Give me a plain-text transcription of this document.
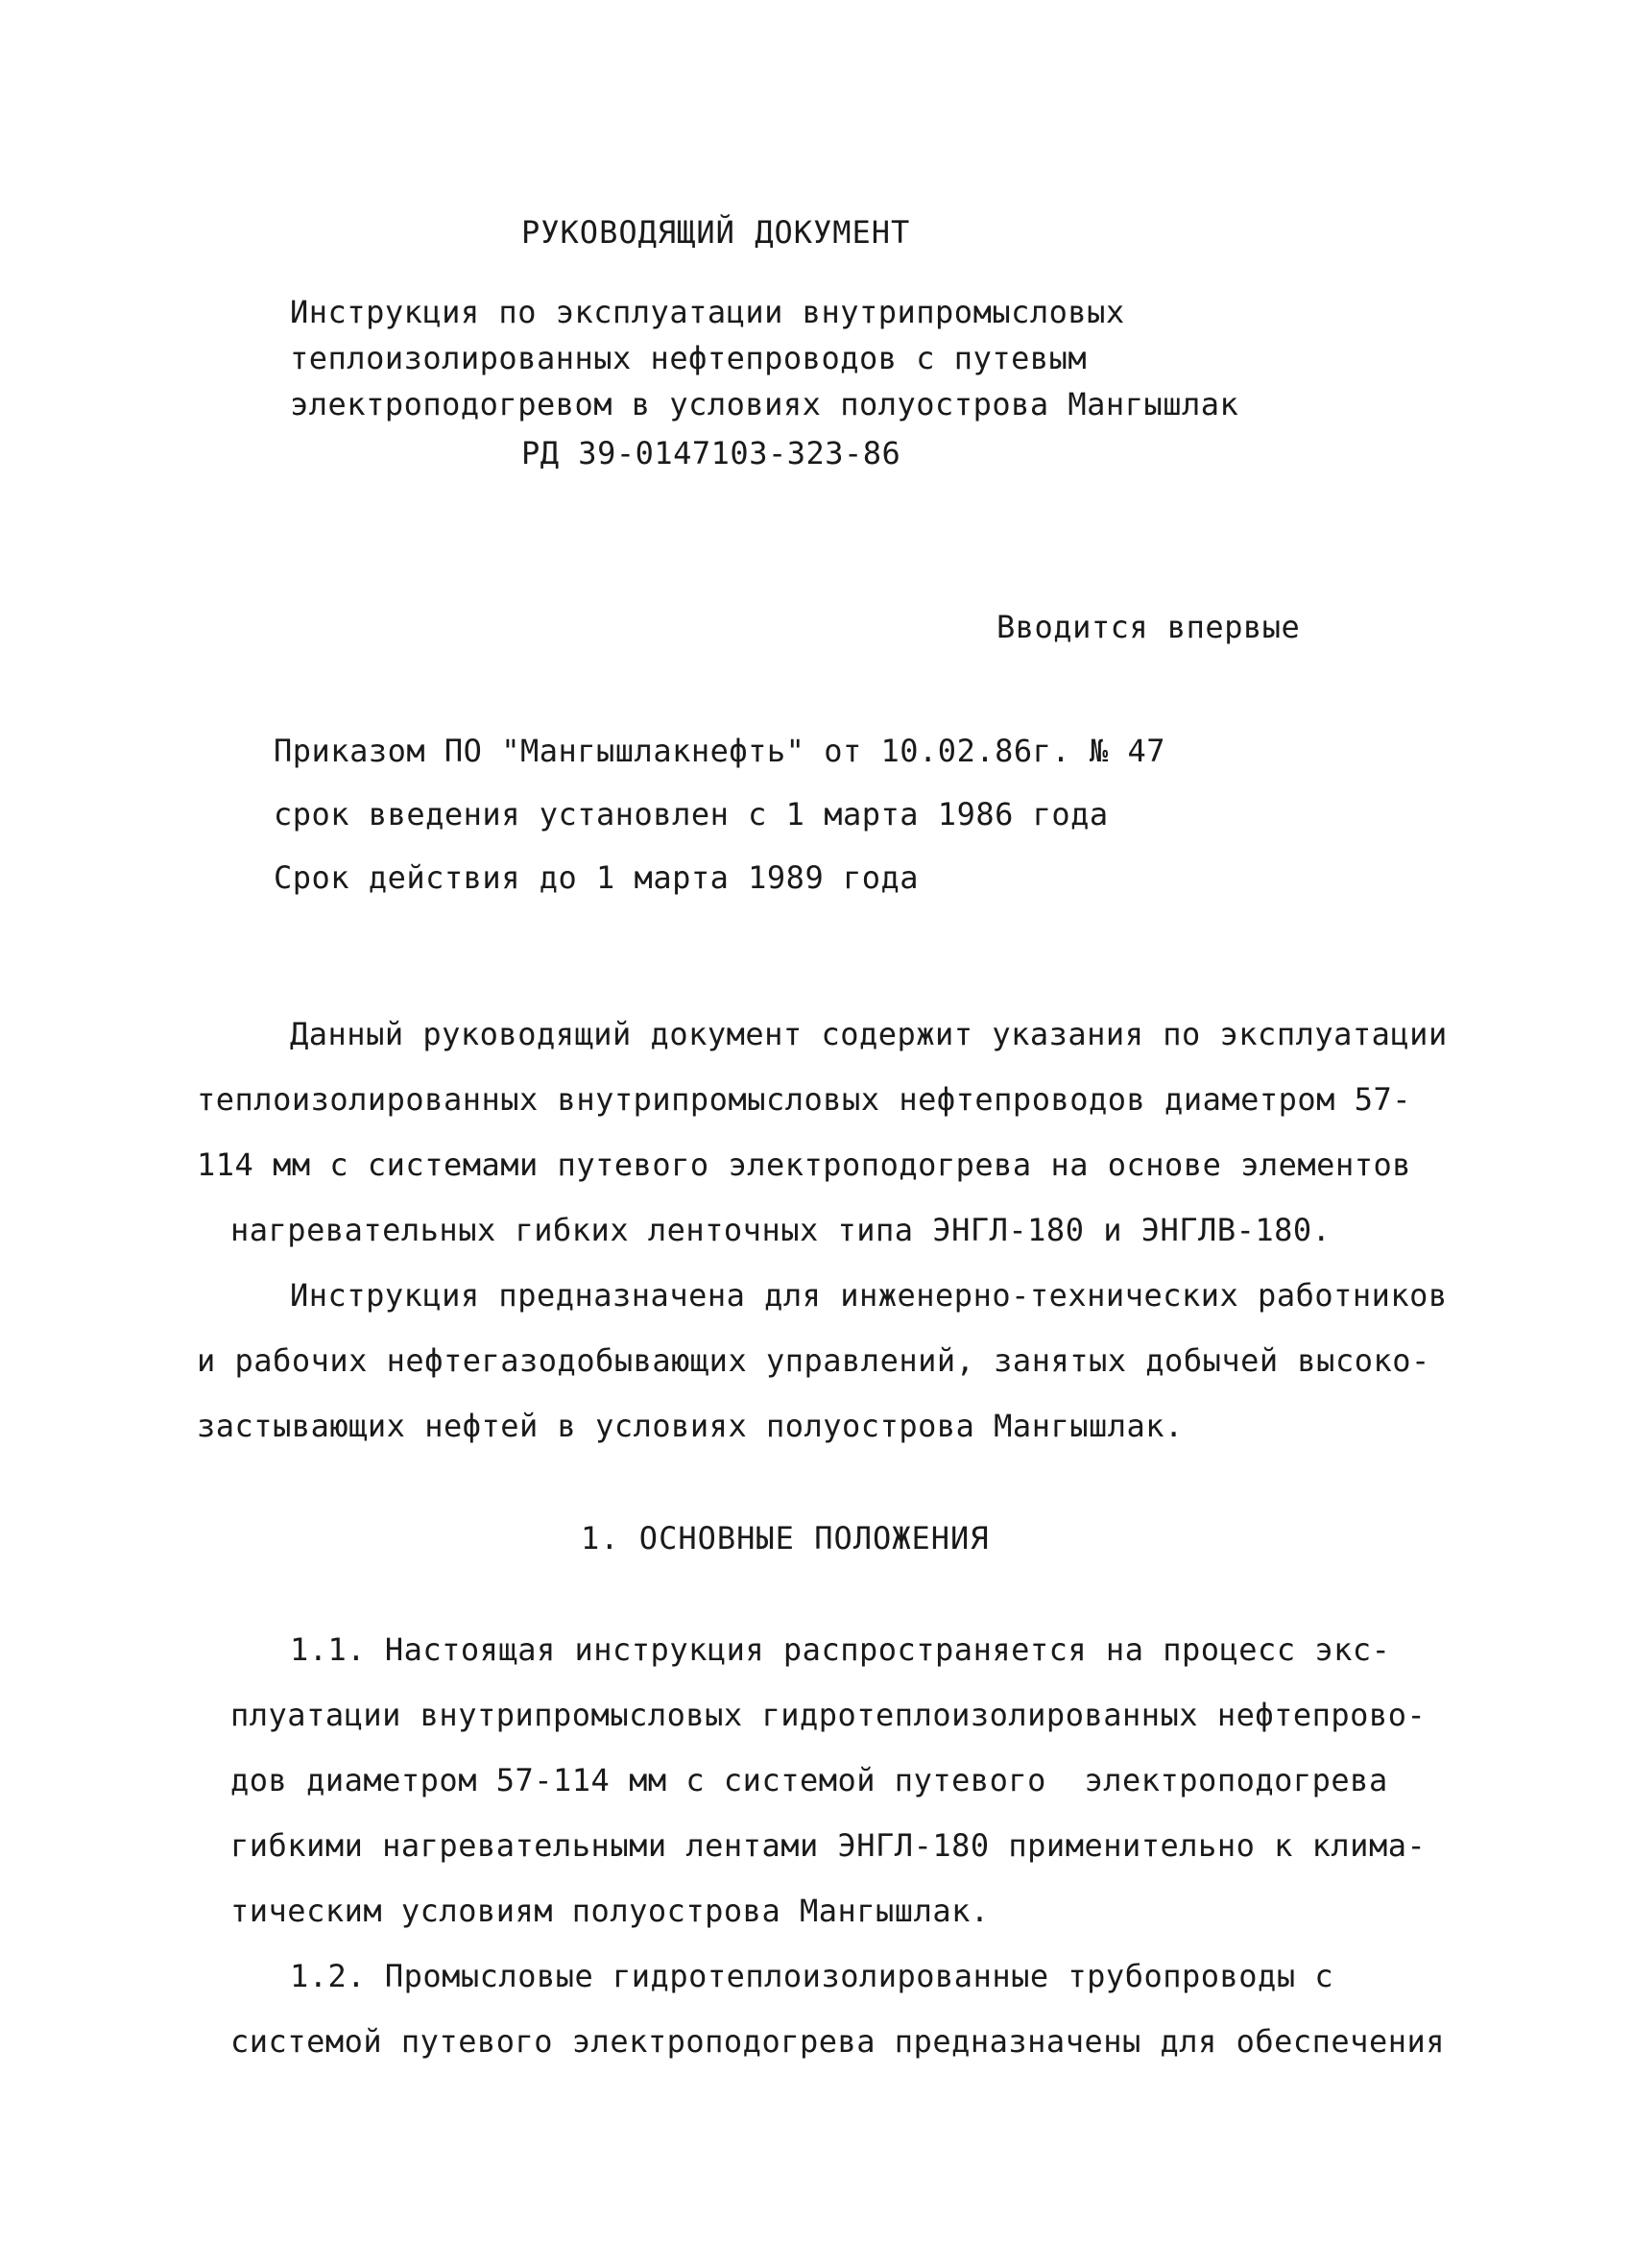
РУКОВОДЯЩИЙ ДОКУМЕНТ
Инструкция по эксплуатации внутрипромысловых
теплоизолированных нефтепроводов с путевым
электроподогревом в условиях полуострова Мангышлак
РД 39-0147103-323-86
Вводится впервые
Приказом ПО "Мангышлакнефть" от 10.02.86г. № 47
срок введения установлен с 1 марта 1986 года
Срок действия до 1 марта 1989 года
Данный руководящий документ содержит указания по эксплуатации
теплоизолированных внутрипромысловых нефтепроводов диаметром 57-
114 мм с системами путевого электроподогрева на основе элементов
нагревательных гибких ленточных типа ЭНГЛ-180 и ЭНГЛВ-180.
Инструкция предназначена для инженерно-технических работников
и рабочих нефтегазодобывающих управлений, занятых добычей высоко-
застывающих нефтей в условиях полуострова Мангышлак.
1. ОСНОВНЫЕ ПОЛОЖЕНИЯ
1.1. Настоящая инструкция распространяется на процесс экс-
плуатации внутрипромысловых гидротеплоизолированных нефтепрово-
дов диаметром 57-114 мм с системой путевого  электроподогрева
гибкими нагревательными лентами ЭНГЛ-180 применительно к клима-
тическим условиям полуострова Мангышлак.
1.2. Промысловые гидротеплоизолированные трубопроводы с
системой путевого электроподогрева предназначены для обеспечения
